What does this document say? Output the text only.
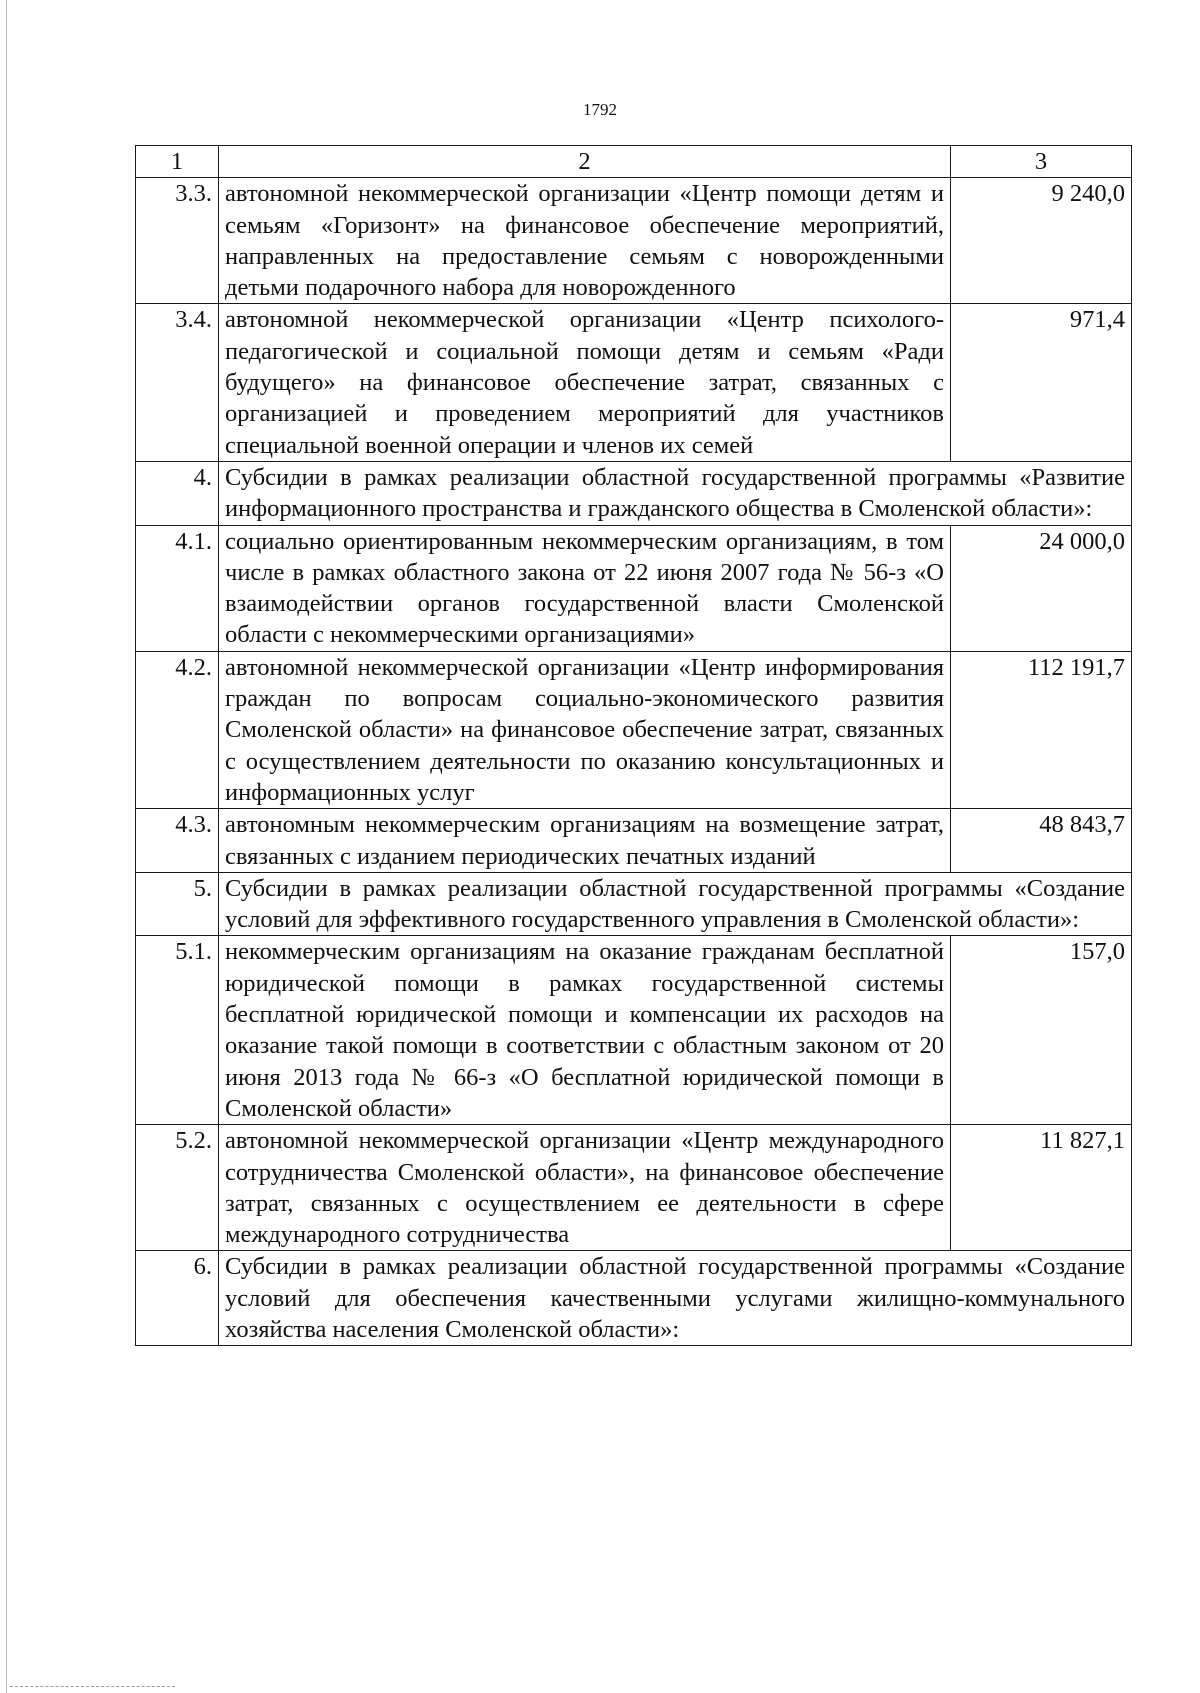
1792
1	2	3
3.3.	автономной некоммерческой организации «Центр помощи детям и семьям «Горизонт» на финансовое обеспечение мероприятий, направленных на предоставление семьям с новорожденными детьми подарочного набора для новорожденного	9 240,0
3.4.	автономной некоммерческой организации «Центр психолого-педагогической и социальной помощи детям и семьям «Ради будущего» на финансовое обеспечение затрат, связанных с организацией и проведением мероприятий для участников специальной военной операции и членов их семей	971,4
4.	Субсидии в рамках реализации областной государственной программы «Развитие информационного пространства и гражданского общества в Смоленской области»:	
4.1.	социально ориентированным некоммерческим организациям, в том числе в рамках областного закона от 22 июня 2007 года № 56-з «О взаимодействии органов государственной власти Смоленской области с некоммерческими организациями»	24 000,0
4.2.	автономной некоммерческой организации «Центр информирования граждан по вопросам социально-экономического развития Смоленской области» на финансовое обеспечение затрат, связанных с осуществлением деятельности по оказанию консультационных и информационных услуг	112 191,7
4.3.	автономным некоммерческим организациям на возмещение затрат, связанных с изданием периодических печатных изданий	48 843,7
5.	Субсидии в рамках реализации областной государственной программы «Создание условий для эффективного государственного управления в Смоленской области»:	
5.1.	некоммерческим организациям на оказание гражданам бесплатной юридической помощи в рамках государственной системы бесплатной юридической помощи и компенсации их расходов на оказание такой помощи в соответствии с областным законом от 20 июня 2013 года № 66-з «О бесплатной юридической помощи в Смоленской области»	157,0
5.2.	автономной некоммерческой организации «Центр международного сотрудничества Смоленской области», на финансовое обеспечение затрат, связанных с осуществлением ее деятельности в сфере международного сотрудничества	11 827,1
6.	Субсидии в рамках реализации областной государственной программы «Создание условий для обеспечения качественными услугами жилищно-коммунального хозяйства населения Смоленской области»:	
